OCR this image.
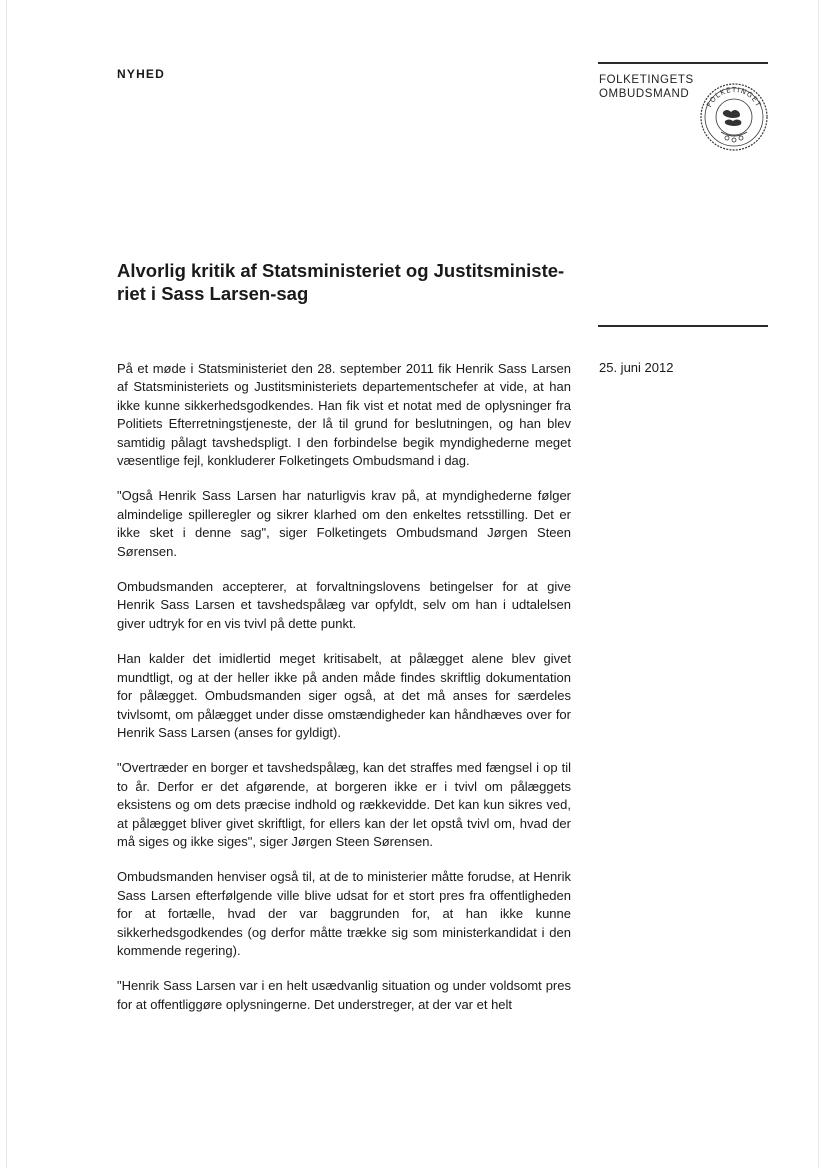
NYHED	FOLKETINGETS
OMBUDSMAND
FOLKETINGET
Alvorlig kritik af Statsministeriet og Justitsministe-riet i Sass Larsen-sag
25. juni 2012

På et møde i Statsministeriet den 28. september 2011 fik Henrik Sass Larsen af Statsministeriets og Justitsministeriets departementschefer at vide, at han ikke kunne sikkerhedsgodkendes. Han fik vist et notat med de oplysninger fra Politiets Efterretningstjeneste, der lå til grund for beslutningen, og han blev samtidig pålagt tavshedspligt. I den forbindelse begik myndighederne meget væsentlige fejl, konkluderer Folketingets Ombudsmand i dag.

"Også Henrik Sass Larsen har naturligvis krav på, at myndighederne følger almindelige spilleregler og sikrer klarhed om den enkeltes retsstilling. Det er ikke sket i denne sag", siger Folketingets Ombudsmand Jørgen Steen Sørensen.

Ombudsmanden accepterer, at forvaltningslovens betingelser for at give Henrik Sass Larsen et tavshedspålæg var opfyldt, selv om han i udtalelsen giver udtryk for en vis tvivl på dette punkt.

Han kalder det imidlertid meget kritisabelt, at pålægget alene blev givet mundtligt, og at der heller ikke på anden måde findes skriftlig dokumentation for pålægget. Ombudsmanden siger også, at det må anses for særdeles tvivlsomt, om pålægget under disse omstændigheder kan håndhæves over for Henrik Sass Larsen (anses for gyldigt).

"Overtræder en borger et tavshedspålæg, kan det straffes med fængsel i op til to år. Derfor er det afgørende, at borgeren ikke er i tvivl om pålæggets eksistens og om dets præcise indhold og rækkevidde. Det kan kun sikres ved, at pålægget bliver givet skriftligt, for ellers kan der let opstå tvivl om, hvad der må siges og ikke siges", siger Jørgen Steen Sørensen.

Ombudsmanden henviser også til, at de to ministerier måtte forudse, at Henrik Sass Larsen efterfølgende ville blive udsat for et stort pres fra offentligheden for at fortælle, hvad der var baggrunden for, at han ikke kunne sikkerhedsgodkendes (og derfor måtte trække sig som ministerkandidat i den kommende regering).

"Henrik Sass Larsen var i en helt usædvanlig situation og under voldsomt pres for at offentliggøre oplysningerne. Det understreger, at der var et helt
